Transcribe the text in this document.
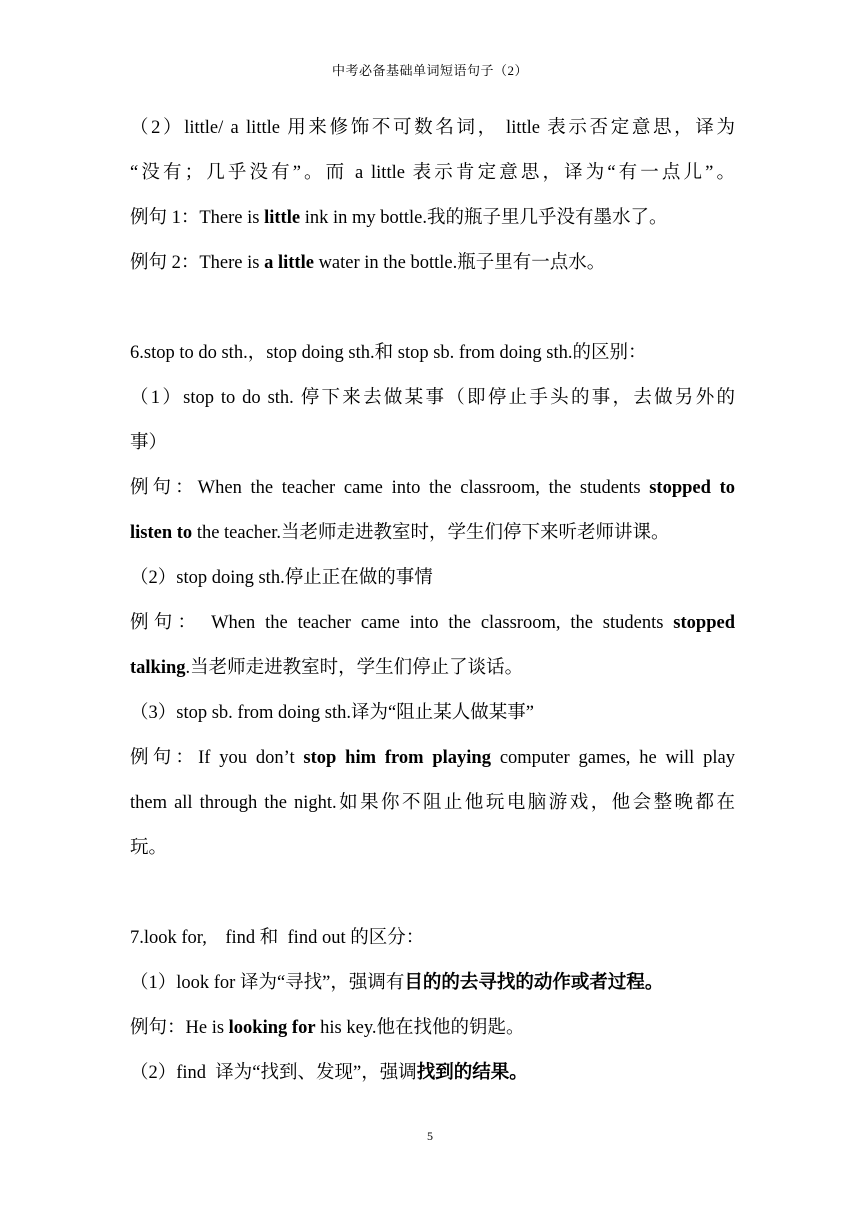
中考必备基础单词短语句子（2）
（2）little/ a little 用来修饰不可数名词， little 表示否定意思，译为
“没有；几乎没有”。而 a little 表示肯定意思，译为“有一点儿”。
例句 1：There is little ink in my bottle.我的瓶子里几乎没有墨水了。
例句 2：There is a little water in the bottle.瓶子里有一点水。
6.stop to do sth.，stop doing sth.和 stop sb. from doing sth.的区别：
（1）stop to do sth. 停下来去做某事（即停止手头的事，去做另外的
事）
例句：When the teacher came into the classroom, the students stopped to
listen to the teacher.当老师走进教室时，学生们停下来听老师讲课。
（2）stop doing sth.停止正在做的事情
例句： When the teacher came into the classroom, the students stopped
talking.当老师走进教室时，学生们停止了谈话。
（3）stop sb. from doing sth.译为“阻止某人做某事”
例句：If you don’t stop him from playing computer games, he will play
them all through the night.如果你不阻止他玩电脑游戏，他会整晚都在
玩。
7.look for,    find 和  find out 的区分：
（1）look for 译为“寻找”，强调有目的的去寻找的动作或者过程。
例句：He is looking for his key.他在找他的钥匙。
（2）find  译为“找到、发现”，强调找到的结果。
5
